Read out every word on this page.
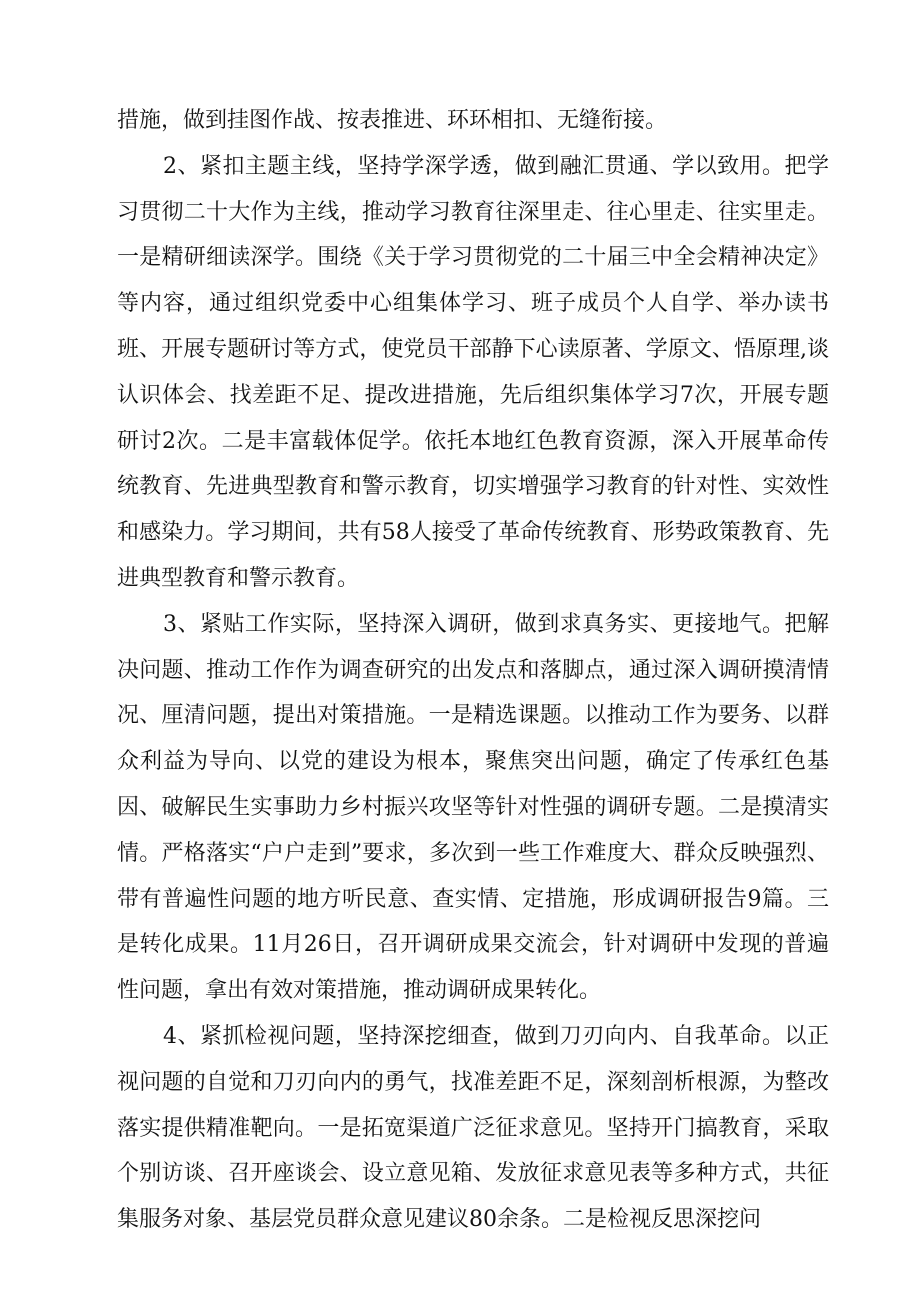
措施，做到挂图作战、按表推进、环环相扣、无缝衔接。

2、紧扣主题主线，坚持学深学透，做到融汇贯通、学以致用。把学习贯彻二十大作为主线，推动学习教育往深里走、往心里走、往实里走。一是精研细读深学。围绕《关于学习贯彻党的二十届三中全会精神决定》等内容，通过组织党委中心组集体学习、班子成员个人自学、举办读书班、开展专题研讨等方式，使党员干部静下心读原著、学原文、悟原理,谈认识体会、找差距不足、提改进措施，先后组织集体学习7次，开展专题研讨2次。二是丰富载体促学。依托本地红色教育资源，深入开展革命传统教育、先进典型教育和警示教育，切实增强学习教育的针对性、实效性和感染力。学习期间，共有58人接受了革命传统教育、形势政策教育、先进典型教育和警示教育。

3、紧贴工作实际，坚持深入调研，做到求真务实、更接地气。把解决问题、推动工作作为调查研究的出发点和落脚点，通过深入调研摸清情况、厘清问题，提出对策措施。一是精选课题。以推动工作为要务、以群众利益为导向、以党的建设为根本，聚焦突出问题，确定了传承红色基因、破解民生实事助力乡村振兴攻坚等针对性强的调研专题。二是摸清实情。严格落实“户户走到”要求，多次到一些工作难度大、群众反映强烈、带有普遍性问题的地方听民意、查实情、定措施，形成调研报告9篇。三是转化成果。11月26日，召开调研成果交流会，针对调研中发现的普遍性问题，拿出有效对策措施，推动调研成果转化。

4、紧抓检视问题，坚持深挖细查，做到刀刃向内、自我革命。以正视问题的自觉和刀刃向内的勇气，找准差距不足，深刻剖析根源，为整改落实提供精准靶向。一是拓宽渠道广泛征求意见。坚持开门搞教育，采取个别访谈、召开座谈会、设立意见箱、发放征求意见表等多种方式，共征集服务对象、基层党员群众意见建议80余条。二是检视反思深挖问
